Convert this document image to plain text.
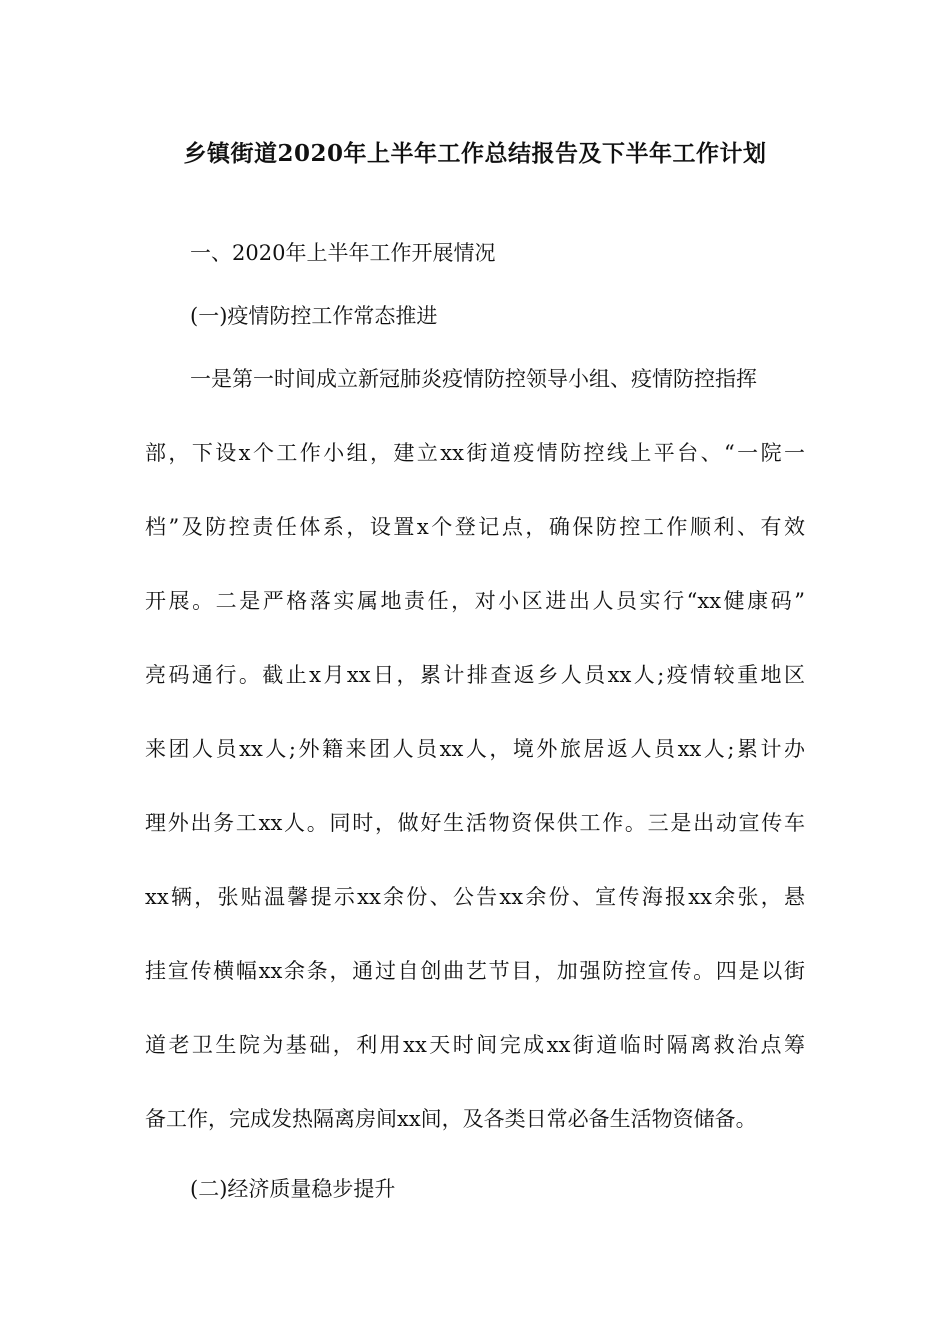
乡镇街道2020年上半年工作总结报告及下半年工作计划
一、2020年上半年工作开展情况
(一)疫情防控工作常态推进
一是第一时间成立新冠肺炎疫情防控领导小组、疫情防控指挥
部，下设x个工作小组，建立xx街道疫情防控线上平台、“一院一
档”及防控责任体系，设置x个登记点，确保防控工作顺利、有效
开展。二是严格落实属地责任，对小区进出人员实行“xx健康码”
亮码通行。截止x月xx日，累计排查返乡人员xx人;疫情较重地区
来团人员xx人;外籍来团人员xx人，境外旅居返人员xx人;累计办
理外出务工xx人。同时，做好生活物资保供工作。三是出动宣传车
xx辆，张贴温馨提示xx余份、公告xx余份、宣传海报xx余张，悬
挂宣传横幅xx余条，通过自创曲艺节目，加强防控宣传。四是以街
道老卫生院为基础，利用xx天时间完成xx街道临时隔离救治点筹
备工作，完成发热隔离房间xx间，及各类日常必备生活物资储备。
(二)经济质量稳步提升
